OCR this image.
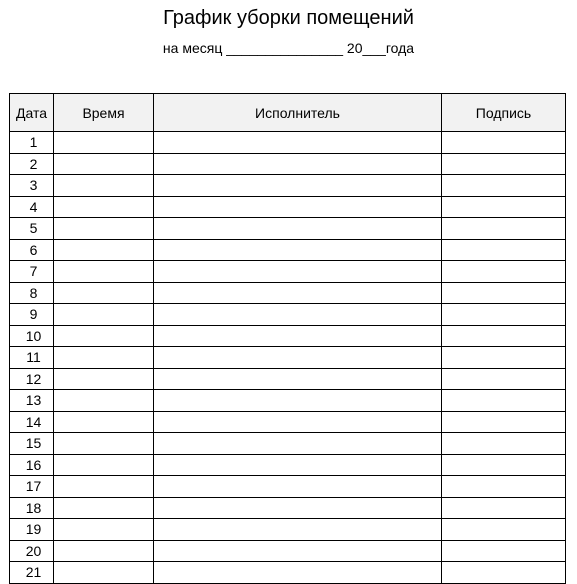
График уборки помещений
на месяц _______________ 20___года
Дата	Время	Исполнитель	Подпись
1			
2			
3			
4			
5			
6			
7			
8			
9			
10			
11			
12			
13			
14			
15			
16			
17			
18			
19			
20			
21			
